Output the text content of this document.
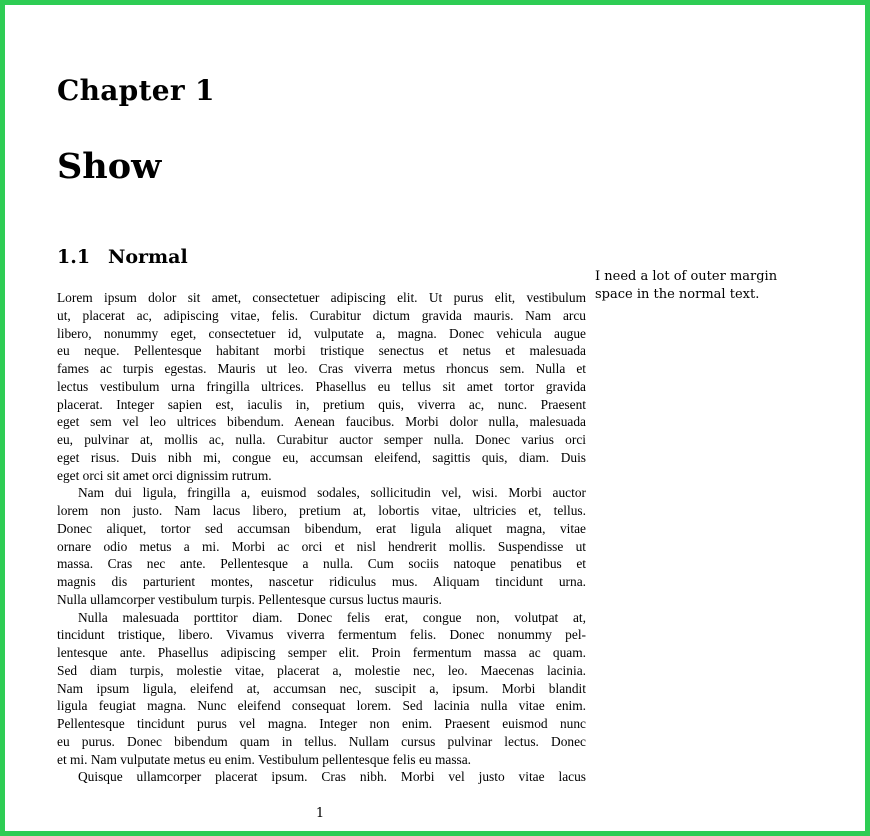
Chapter 1
Show
1.1 Normal
I need a lot of outer margin
space in the normal text.
Lorem ipsum dolor sit amet, consectetuer adipiscing elit. Ut purus elit, vestibulum
ut, placerat ac, adipiscing vitae, felis. Curabitur dictum gravida mauris. Nam arcu
libero, nonummy eget, consectetuer id, vulputate a, magna. Donec vehicula augue
eu neque. Pellentesque habitant morbi tristique senectus et netus et malesuada
fames ac turpis egestas. Mauris ut leo. Cras viverra metus rhoncus sem. Nulla et
lectus vestibulum urna fringilla ultrices. Phasellus eu tellus sit amet tortor gravida
placerat. Integer sapien est, iaculis in, pretium quis, viverra ac, nunc. Praesent
eget sem vel leo ultrices bibendum. Aenean faucibus. Morbi dolor nulla, malesuada
eu, pulvinar at, mollis ac, nulla. Curabitur auctor semper nulla. Donec varius orci
eget risus. Duis nibh mi, congue eu, accumsan eleifend, sagittis quis, diam. Duis
eget orci sit amet orci dignissim rutrum.
Nam dui ligula, fringilla a, euismod sodales, sollicitudin vel, wisi. Morbi auctor
lorem non justo. Nam lacus libero, pretium at, lobortis vitae, ultricies et, tellus.
Donec aliquet, tortor sed accumsan bibendum, erat ligula aliquet magna, vitae
ornare odio metus a mi. Morbi ac orci et nisl hendrerit mollis. Suspendisse ut
massa. Cras nec ante. Pellentesque a nulla. Cum sociis natoque penatibus et
magnis dis parturient montes, nascetur ridiculus mus. Aliquam tincidunt urna.
Nulla ullamcorper vestibulum turpis. Pellentesque cursus luctus mauris.
Nulla malesuada porttitor diam. Donec felis erat, congue non, volutpat at,
tincidunt tristique, libero. Vivamus viverra fermentum felis. Donec nonummy pel-
lentesque ante. Phasellus adipiscing semper elit. Proin fermentum massa ac quam.
Sed diam turpis, molestie vitae, placerat a, molestie nec, leo. Maecenas lacinia.
Nam ipsum ligula, eleifend at, accumsan nec, suscipit a, ipsum. Morbi blandit
ligula feugiat magna. Nunc eleifend consequat lorem. Sed lacinia nulla vitae enim.
Pellentesque tincidunt purus vel magna. Integer non enim. Praesent euismod nunc
eu purus. Donec bibendum quam in tellus. Nullam cursus pulvinar lectus. Donec
et mi. Nam vulputate metus eu enim. Vestibulum pellentesque felis eu massa.
Quisque ullamcorper placerat ipsum. Cras nibh. Morbi vel justo vitae lacus
1
